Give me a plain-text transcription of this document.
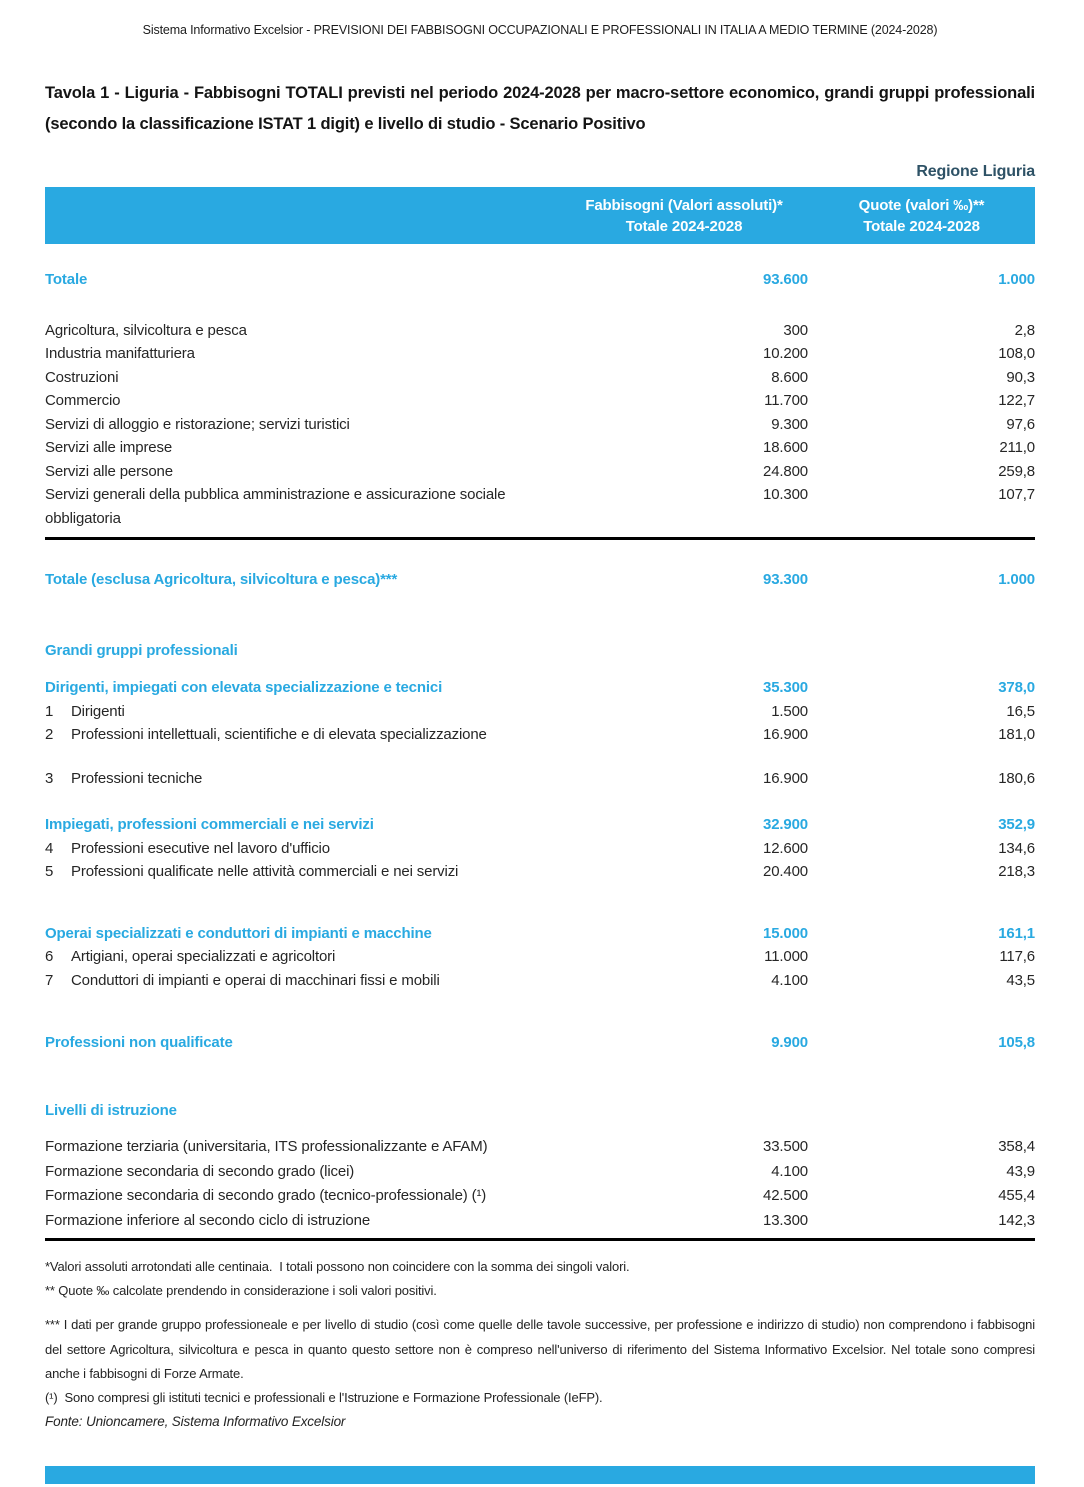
Sistema Informativo Excelsior - PREVISIONI DEI FABBISOGNI OCCUPAZIONALI E PROFESSIONALI IN ITALIA A MEDIO TERMINE (2024-2028)
Tavola 1 - Liguria - Fabbisogni TOTALI previsti nel periodo 2024-2028 per macro-settore economico, grandi gruppi professionali (secondo la classificazione ISTAT 1 digit) e livello di studio - Scenario Positivo
Regione Liguria
Fabbisogni (Valori assoluti)*	Quote (valori ‰)**
Totale 2024-2028	Totale 2024-2028
Totale	93.600	1.000
Agricoltura, silvicoltura e pesca	300	2,8
Industria manifatturiera	10.200	108,0
Costruzioni	8.600	90,3
Commercio	11.700	122,7
Servizi di alloggio e ristorazione; servizi turistici	9.300	97,6
Servizi alle imprese	18.600	211,0
Servizi alle persone	24.800	259,8
Servizi generali della pubblica amministrazione e assicurazione sociale obbligatoria
10.300	107,7
Totale (esclusa Agricoltura, silvicoltura e pesca)***	93.300	1.000
Grandi gruppi professionali
Dirigenti, impiegati con elevata specializzazione e tecnici	35.300	378,0
1 Dirigenti	1.500	16,5
2 Professioni intellettuali, scientifiche e di elevata specializzazione	16.900	181,0
3 Professioni tecniche	16.900	180,6
Impiegati, professioni commerciali e nei servizi	32.900	352,9
4 Professioni esecutive nel lavoro d'ufficio	12.600	134,6
5 Professioni qualificate nelle attività commerciali e nei servizi	20.400	218,3
Operai specializzati e conduttori di impianti e macchine	15.000	161,1
6 Artigiani, operai specializzati e agricoltori	11.000	117,6
7 Conduttori di impianti e operai di macchinari fissi e mobili	4.100	43,5
Professioni non qualificate	9.900	105,8
Livelli di istruzione
Formazione terziaria (universitaria, ITS professionalizzante e AFAM)	33.500	358,4
Formazione secondaria di secondo grado (licei)	4.100	43,9
Formazione secondaria di secondo grado (tecnico-professionale) (¹)	42.500	455,4
Formazione inferiore al secondo ciclo di istruzione	13.300	142,3
*Valori assoluti arrotondati alle centinaia.  I totali possono non coincidere con la somma dei singoli valori.
** Quote ‰ calcolate prendendo in considerazione i soli valori positivi.
*** I dati per grande gruppo professioneale e per livello di studio (così come quelle delle tavole successive, per professione e indirizzo di studio) non comprendono i fabbisogni del settore Agricoltura, silvicoltura e pesca in quanto questo settore non è compreso nell'universo di riferimento del Sistema Informativo Excelsior. Nel totale sono compresi anche i fabbisogni di Forze Armate.
(¹)  Sono compresi gli istituti tecnici e professionali e l'Istruzione e Formazione Professionale (IeFP).
Fonte: Unioncamere, Sistema Informativo Excelsior
